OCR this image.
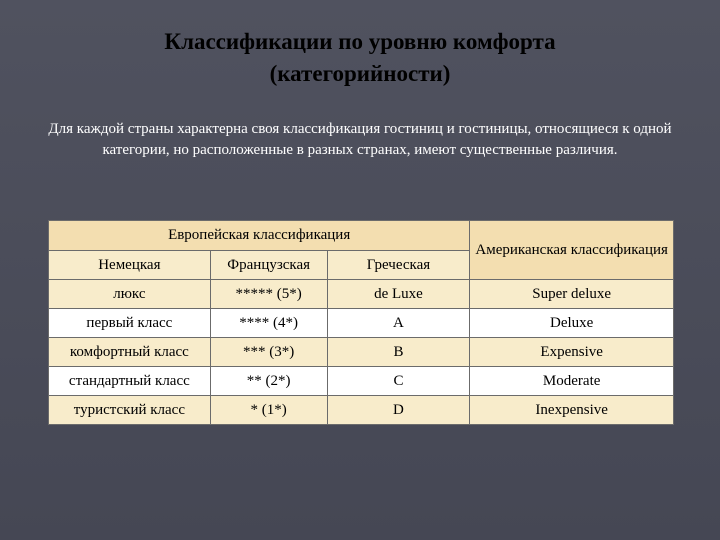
Классификации по уровню комфорта
(категорийности)

Для каждой страны характерна своя классификация гостиниц и гостиницы, относящиеся к одной категории, но расположенные в разных странах, имеют существенные различия.

Европейская классификация			Американская классификация
Немецкая	Французская	Греческая	
люкс	***** (5*)	de Luxe	Super deluxe
первый класс	**** (4*)	A	Deluxe
комфортный класс	*** (3*)	B	Expensive
стандартный класс	** (2*)	C	Moderate
туристский класс	* (1*)	D	Inexpensive
